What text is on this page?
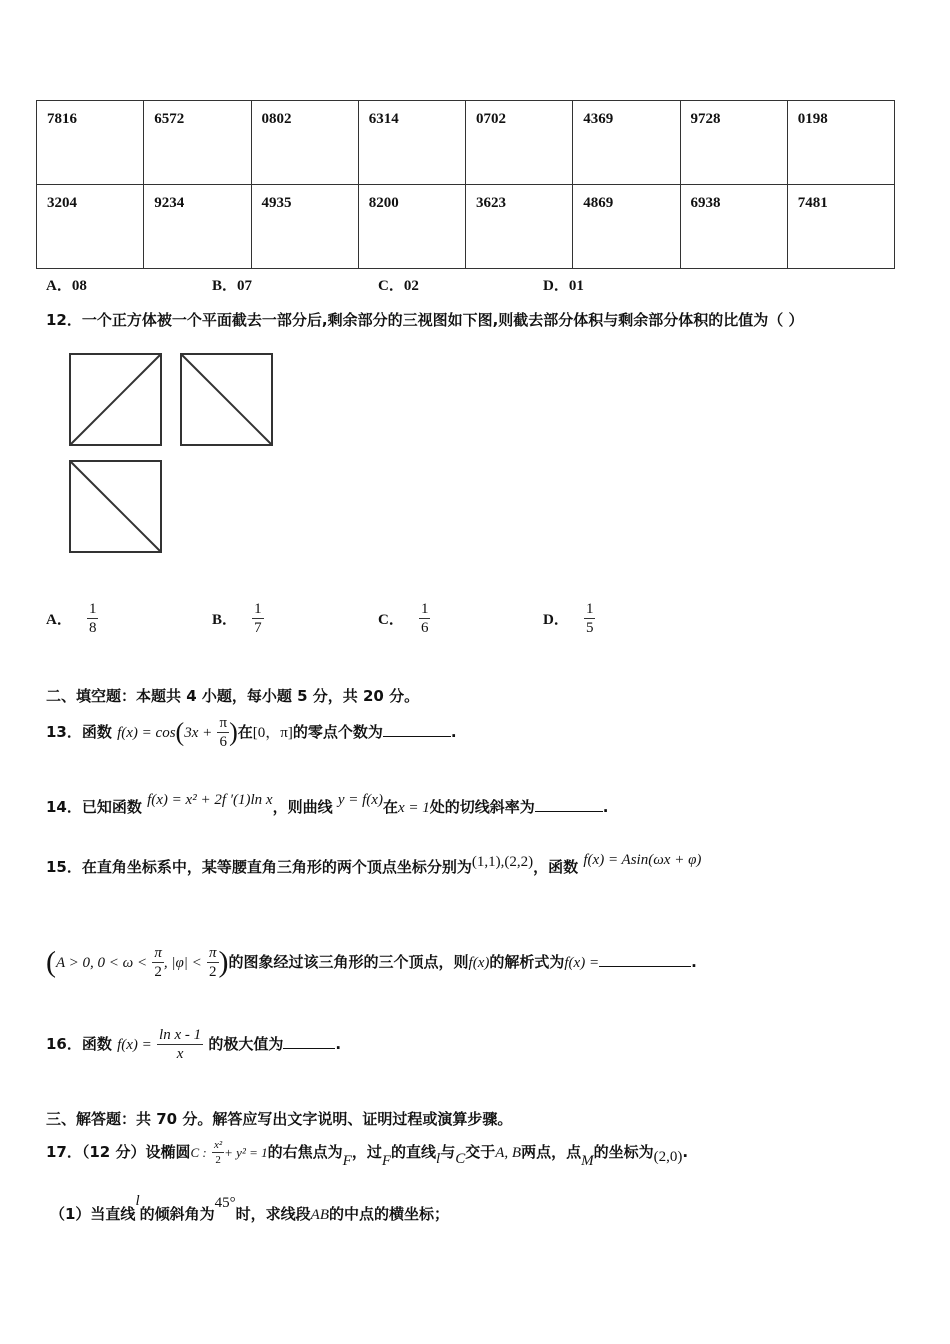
7816	6572	0802	6314	0702	4369	9728	0198
3204	9234	4935	8200	3623	4869	6938	7481
A．08	B．07	C．02	D．01
12．一个正方体被一个平面截去一部分后,剩余部分的三视图如下图,则截去部分体积与剩余部分体积的比值为（ ）
A． $\frac{1}{8}$	B． $\frac{1}{7}$	C． $\frac{1}{6}$	D． $\frac{1}{5}$
二、填空题：本题共 4 小题，每小题 5 分，共 20 分。
13．函数 $f(x) = \cos(3x + \frac{\pi}{6}$ )在[0，π]的零点个数为	.
14．已知函数 f(x) = x² + 2f ′(1)ln x，则曲线 y = f(x)在x = 1处的切线斜率为	.
15．在直角坐标系中，某等腰直角三角形的两个顶点坐标分别为(1,1),(2,2)，函数 f(x) = Asin(ωx + φ)
(A > 0, $0 < \omega < \frac{\pi}{2}$ , $|\varphi| < \frac{\pi}{2}$ )的图象经过该三角形的三个顶点，则f(x)的解析式为f(x) =	.
16．函数 $f(x) = \frac{\text{ln x - 1}}{x}$ 的极大值为	.
三、解答题：共 70 分。解答应写出文字说明、证明过程或演算步骤。
17．（12 分）设椭圆C : $\frac{\text{x²}}{2} + y^2 = 1$的右焦点为F，过F的直线l与C交于A, B两点，点M的坐标为(2,0).
（1）当直线l的倾斜角为45°时，求线段AB的中点的横坐标；
